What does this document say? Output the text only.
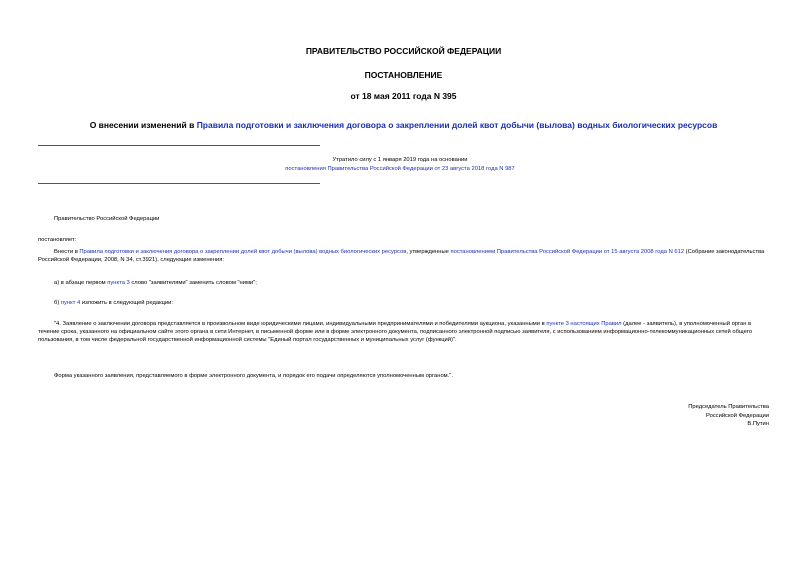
ПРАВИТЕЛЬСТВО РОССИЙСКОЙ ФЕДЕРАЦИИ
ПОСТАНОВЛЕНИЕ
от 18 мая 2011 года N 395
О внесении изменений в Правила подготовки и заключения договора о закреплении долей квот добычи (вылова) водных биологических ресурсов
Утратило силу с 1 января 2019 года на основании
постановления Правительства Российской Федерации от 23 августа 2018 года N 987
Правительство Российской Федерации
постановляет:
Внести в Правила подготовки и заключения договора о закреплении долей квот добычи (вылова) водных биологических ресурсов, утвержденные постановлением Правительства Российской Федерации от 15 августа 2008 года N 612 (Собрание законодательства Российской Федерации, 2008, N 34, ст.3921), следующие изменения:
а) в абзаце первом пункта 3 слово "заявителями" заменить словом "ними";
б) пункт 4 изложить в следующей редакции:
"4. Заявление о заключении договора представляется в произвольном виде юридическими лицами, индивидуальными предпринимателями и победителями аукциона, указанными в пункте 3 настоящих Правил (далее - заявитель), в уполномоченный орган в течение срока, указанного на официальном сайте этого органа в сети Интернет, в письменной форме или в форме электронного документа, подписанного электронной подписью заявителя, с использованием информационно-телекоммуникационных сетей общего пользования, в том числе федеральной государственной информационной системы "Единый портал государственных и муниципальных услуг (функций)".
Форма указанного заявления, представляемого в форме электронного документа, и порядок его подачи определяются уполномоченным органом.".
Председатель Правительства
Российской Федерации
В.Путин
